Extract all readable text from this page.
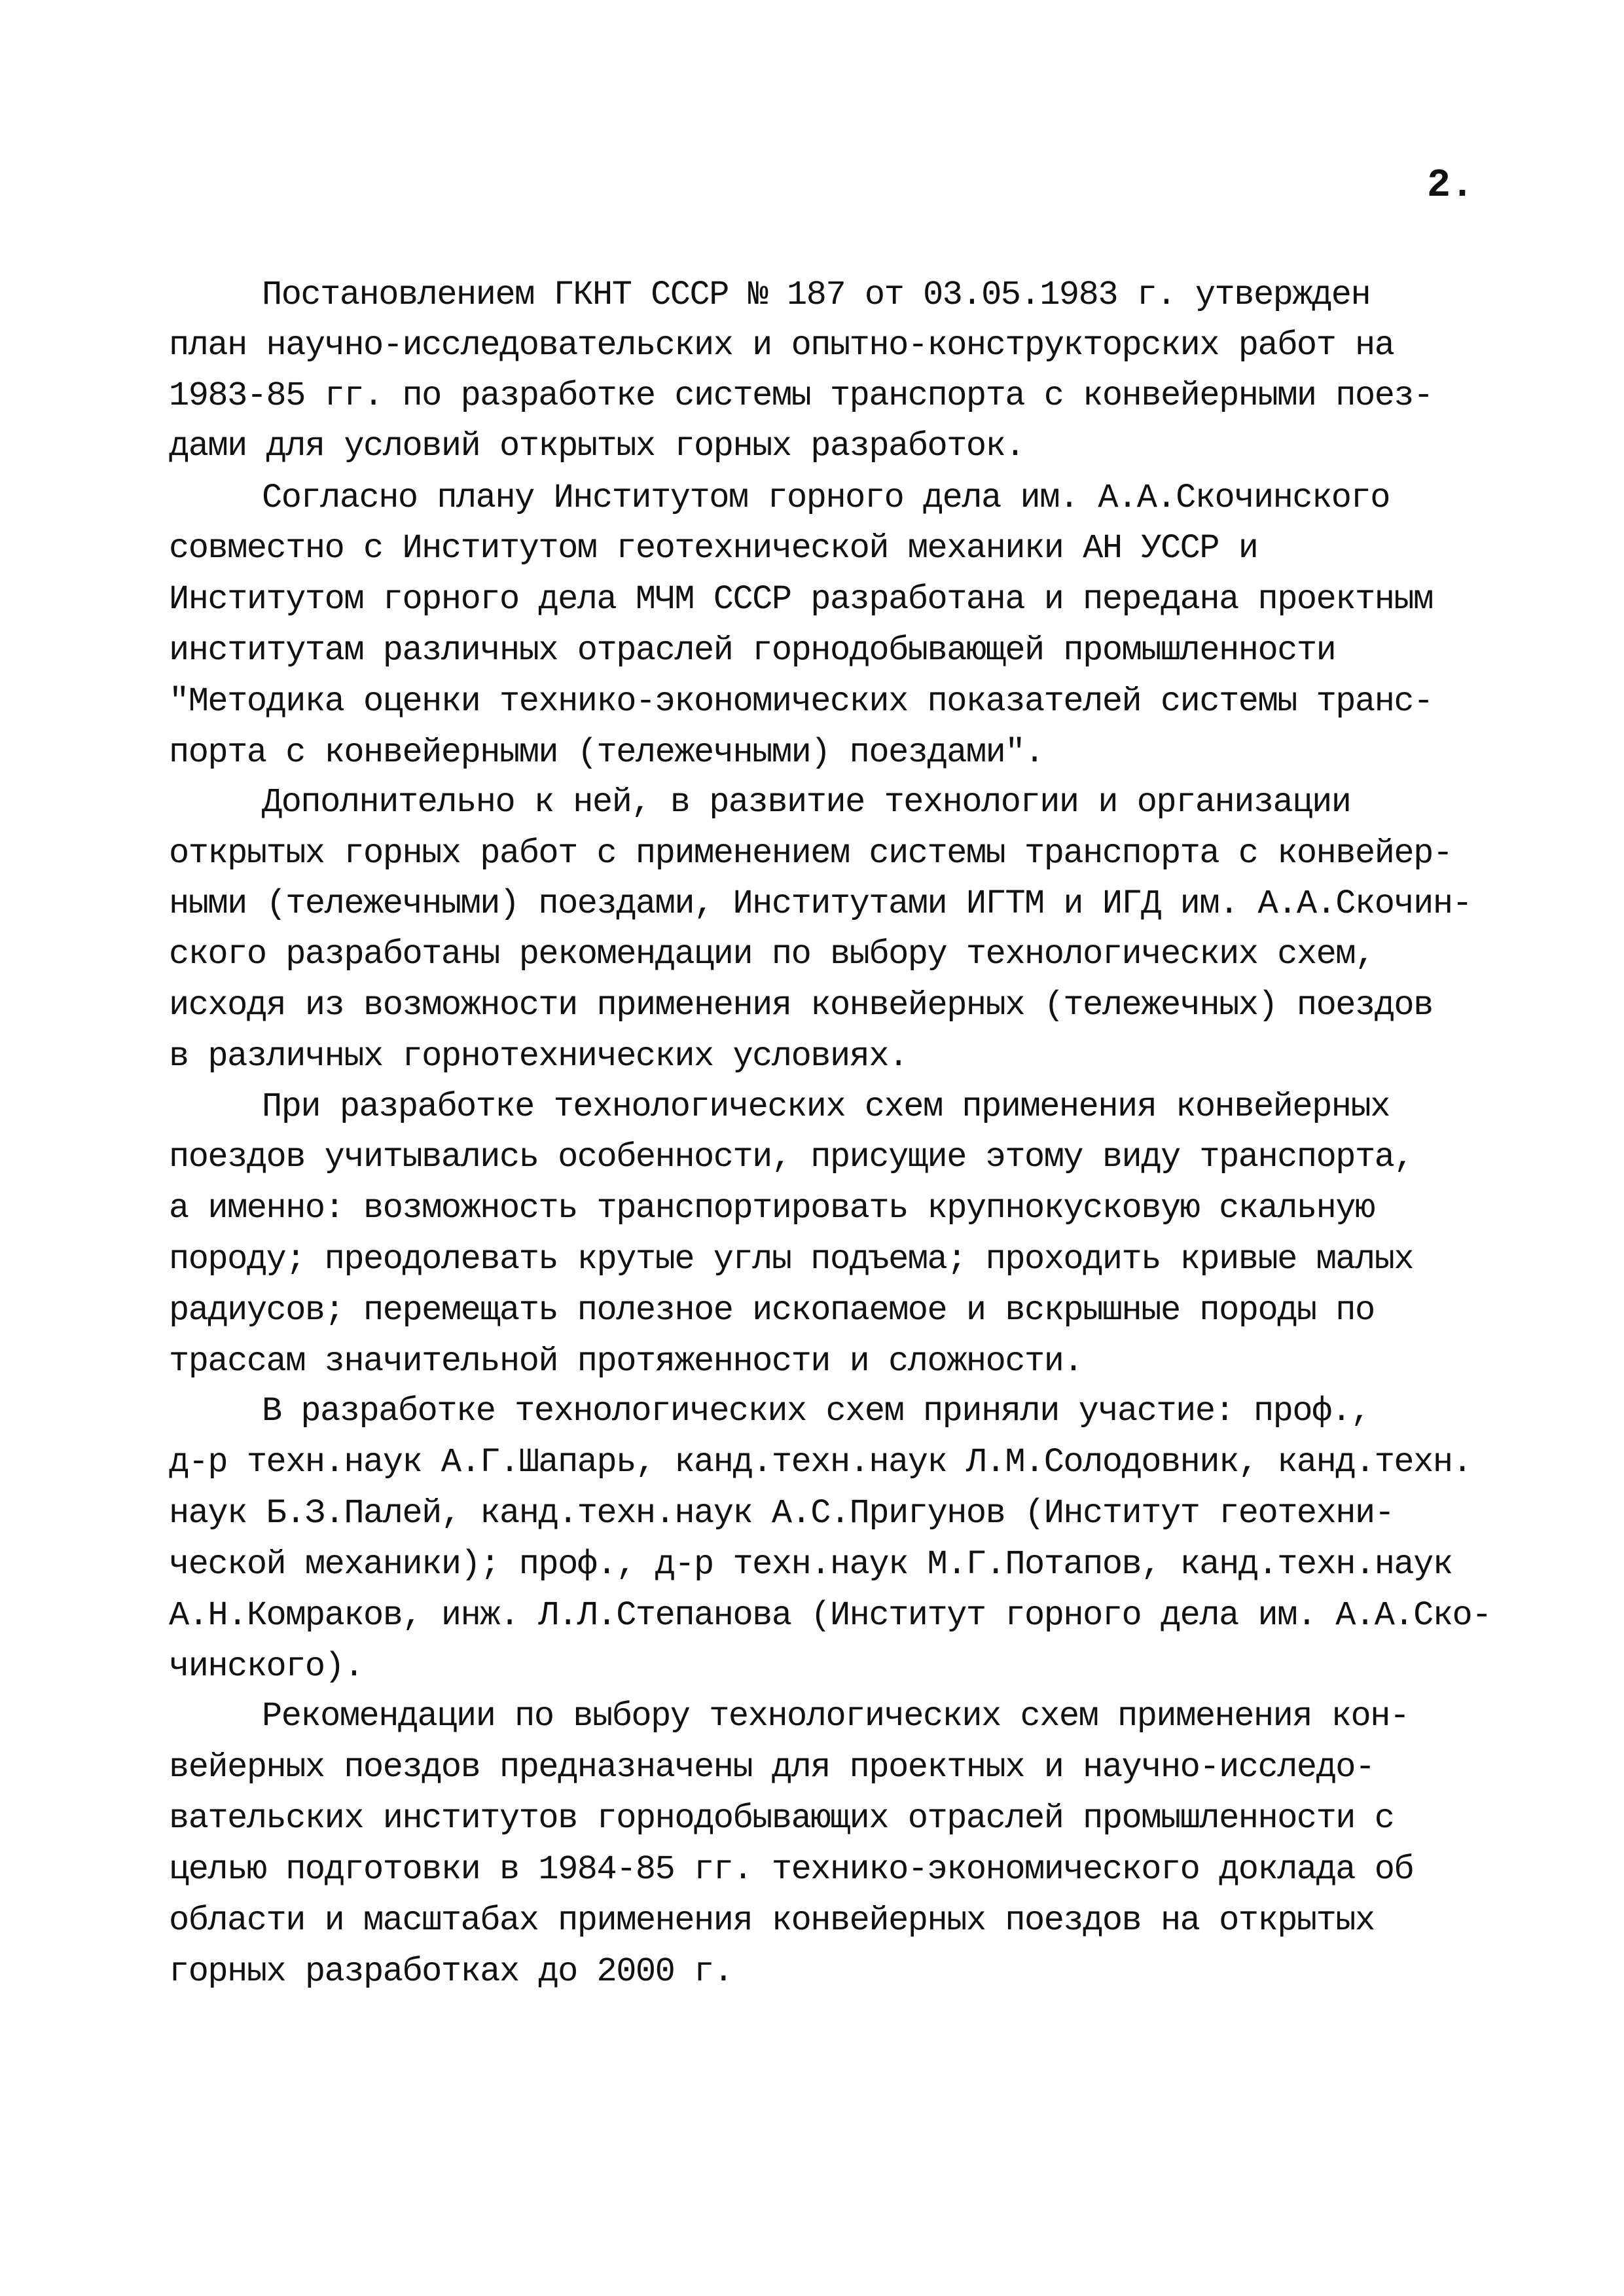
2.
Постановлением ГКНТ СССР № 187 от 03.05.1983 г. утвержден
план научно-исследовательских и опытно-конструкторских работ на
1983-85 гг. по разработке системы транспорта с конвейерными поез-
дами для условий открытых горных разработок.
Согласно плану Институтом горного дела им. А.А.Скочинского
совместно с Институтом геотехнической механики АН УССР и
Институтом горного дела МЧМ СССР разработана и передана проектным
институтам различных отраслей горнодобывающей промышленности
"Методика оценки технико-экономических показателей системы транс-
порта с конвейерными (тележечными) поездами".
Дополнительно к ней, в развитие технологии и организации
открытых горных работ с применением системы транспорта с конвейер-
ными (тележечными) поездами, Институтами ИГТМ и ИГД им. А.А.Скочин-
ского разработаны рекомендации по выбору технологических схем,
исходя из возможности применения конвейерных (тележечных) поездов
в различных горнотехнических условиях.
При разработке технологических схем применения конвейерных
поездов учитывались особенности, присущие этому виду транспорта,
а именно: возможность транспортировать крупнокусковую скальную
породу; преодолевать крутые углы подъема; проходить кривые малых
радиусов; перемещать полезное ископаемое и вскрышные породы по
трассам значительной протяженности и сложности.
В разработке технологических схем приняли участие: проф.,
д-р техн.наук А.Г.Шапарь, канд.техн.наук Л.М.Солодовник, канд.техн.
наук Б.З.Палей, канд.техн.наук А.С.Пригунов (Институт геотехни-
ческой механики); проф., д-р техн.наук М.Г.Потапов, канд.техн.наук
А.Н.Комраков, инж. Л.Л.Степанова (Институт горного дела им. А.А.Ско-
чинского).
Рекомендации по выбору технологических схем применения кон-
вейерных поездов предназначены для проектных и научно-исследо-
вательских институтов горнодобывающих отраслей промышленности с
целью подготовки в 1984-85 гг. технико-экономического доклада об
области и масштабах применения конвейерных поездов на открытых
горных разработках до 2000 г.
